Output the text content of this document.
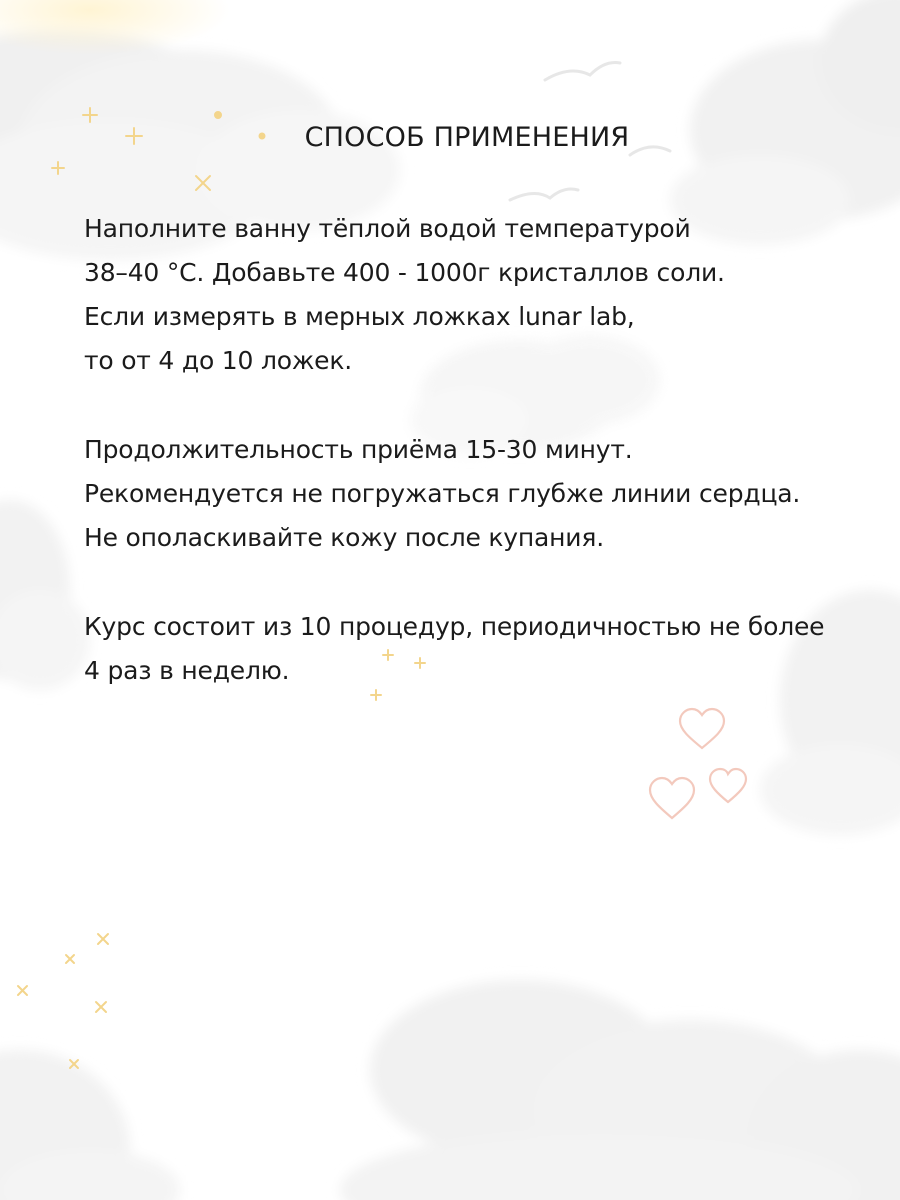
СПОСОБ ПРИМЕНЕНИЯ

Наполните ванну тёплой водой температурой
38–40 °С. Добавьте 400 - 1000г кристаллов соли.
Если измерять в мерных ложках lunar lab,
то от 4 до 10 ложек.

Продолжительность приёма 15-30 минут.
Рекомендуется не погружаться глубже линии сердца.
Не ополаскивайте кожу после купания.

Курс состоит из 10 процедур, периодичностью не более
4 раз в неделю.
